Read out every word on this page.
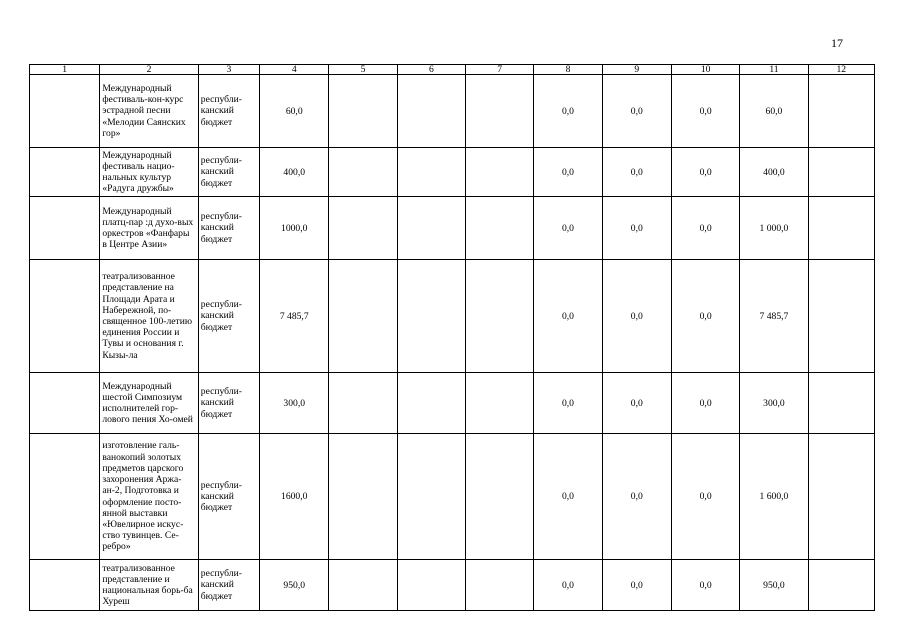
17
1	2	3	4	5	6	7	8	9	10	11	12
	Международный фестиваль-кон-курс эстрадной песни «Мелодии Саянских гор»	республи-канский бюджет	60,0				0,0	0,0	0,0	60,0	
	Международный фестиваль нацио-нальных культур «Радуга дружбы»	республи-канский бюджет	400,0				0,0	0,0	0,0	400,0	
	Международный платц-пар :д духо-вых оркестров «Фанфары в Центре Азии»	республи-канский бюджет	1000,0				0,0	0,0	0,0	1 000,0	
	театрализованное представление на Площади Арата и Набережной, по-священное 100-летию единения России и Тувы и основания г. Кызы-ла	республи-канский бюджет	7 485,7				0,0	0,0	0,0	7 485,7	
	Международный шестой Симпозиум исполнителей гор-лового пения Хо-омей	республи-канский бюджет	300,0				0,0	0,0	0,0	300,0	
	изготовление галь-ванокопий золотых предметов царского захоронения Аржа-ан-2, Подготовка и оформление посто-янной выставки «Ювелирное искус-ство тувинцев. Се-ребро»	республи-канский бюджет	1600,0				0,0	0,0	0,0	1 600,0	
	театрализованное представление и национальная борь-ба Хуреш	республи-канский бюджет	950,0				0,0	0,0	0,0	950,0	
